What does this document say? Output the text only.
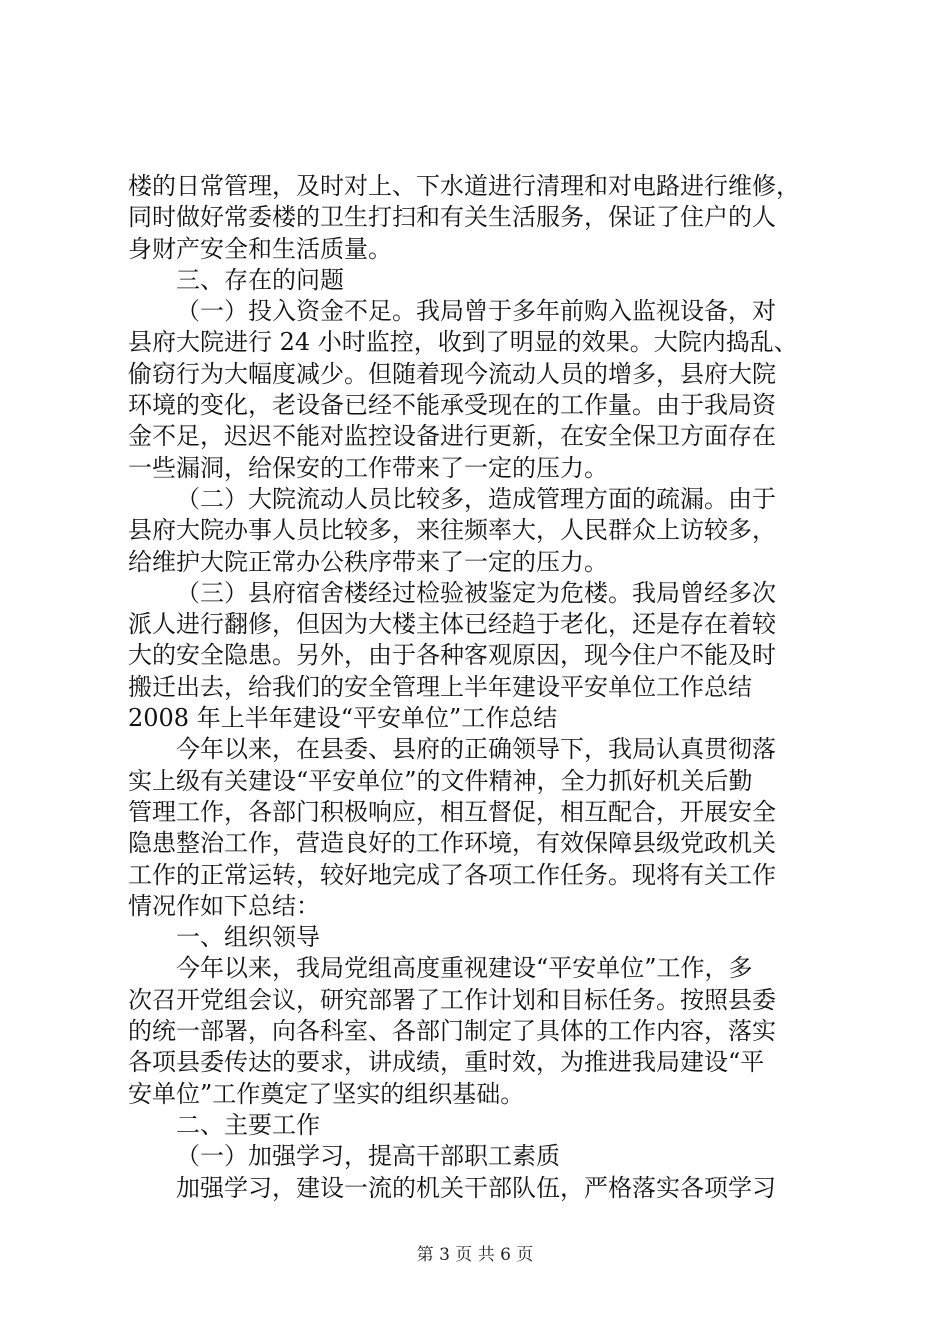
楼的日常管理，及时对上、下水道进行清理和对电路进行维修，
同时做好常委楼的卫生打扫和有关生活服务，保证了住户的人
身财产安全和生活质量。
三、存在的问题
（一）投入资金不足。我局曾于多年前购入监视设备，对
县府大院进行 24 小时监控，收到了明显的效果。大院内捣乱、
偷窃行为大幅度减少。但随着现今流动人员的增多，县府大院
环境的变化，老设备已经不能承受现在的工作量。由于我局资
金不足，迟迟不能对监控设备进行更新，在安全保卫方面存在
一些漏洞，给保安的工作带来了一定的压力。
（二）大院流动人员比较多，造成管理方面的疏漏。由于
县府大院办事人员比较多，来往频率大，人民群众上访较多，
给维护大院正常办公秩序带来了一定的压力。
（三）县府宿舍楼经过检验被鉴定为危楼。我局曾经多次
派人进行翻修，但因为大楼主体已经趋于老化，还是存在着较
大的安全隐患。另外，由于各种客观原因，现今住户不能及时
搬迁出去，给我们的安全管理上半年建设平安单位工作总结
2008 年上半年建设“平安单位”工作总结
今年以来，在县委、县府的正确领导下，我局认真贯彻落
实上级有关建设“平安单位”的文件精神，全力抓好机关后勤
管理工作，各部门积极响应，相互督促，相互配合，开展安全
隐患整治工作，营造良好的工作环境，有效保障县级党政机关
工作的正常运转，较好地完成了各项工作任务。现将有关工作
情况作如下总结：
一、组织领导
今年以来，我局党组高度重视建设“平安单位”工作，多
次召开党组会议，研究部署了工作计划和目标任务。按照县委
的统一部署，向各科室、各部门制定了具体的工作内容，落实
各项县委传达的要求，讲成绩，重时效，为推进我局建设“平
安单位”工作奠定了坚实的组织基础。
二、主要工作
（一）加强学习，提高干部职工素质
加强学习，建设一流的机关干部队伍，严格落实各项学习
第 3 页 共 6 页
